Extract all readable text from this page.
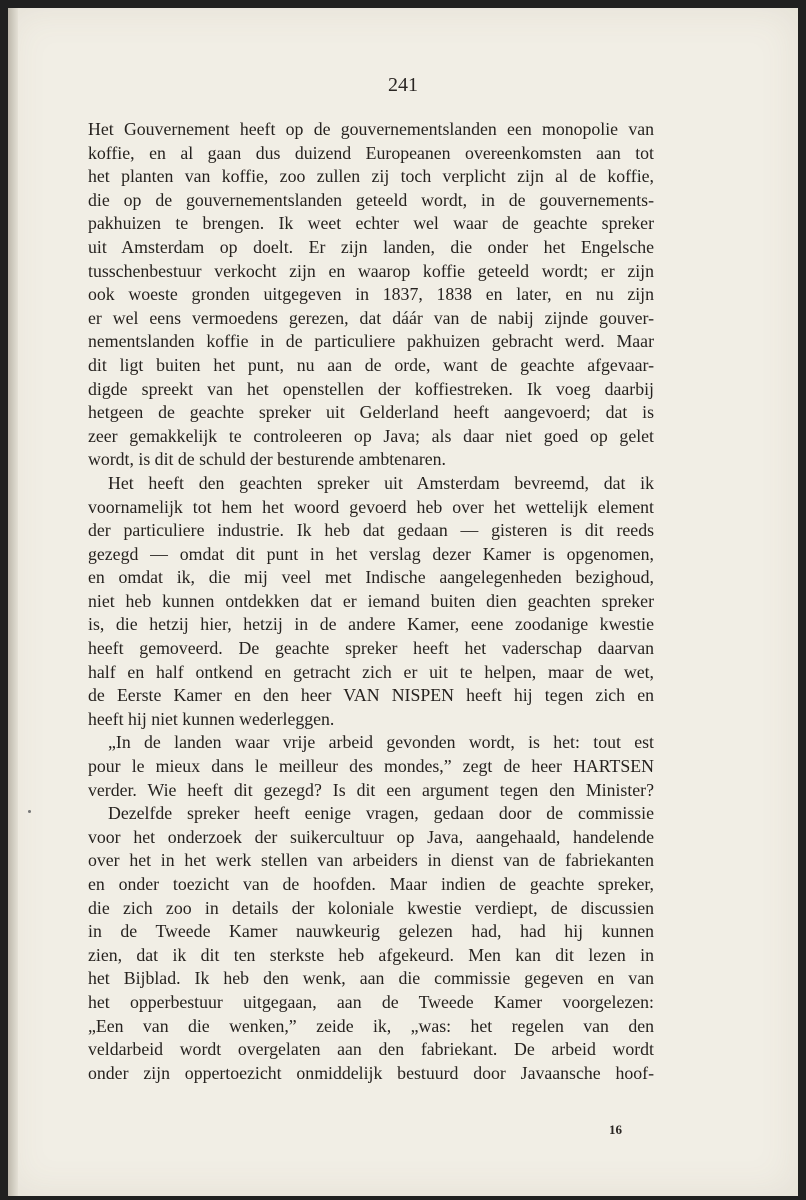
241
Het Gouvernement heeft op de gouvernementslanden een monopolie van
koffie, en al gaan dus duizend Europeanen overeenkomsten aan tot
het planten van koffie, zoo zullen zij toch verplicht zijn al de koffie,
die op de gouvernementslanden geteeld wordt, in de gouvernements-
pakhuizen te brengen. Ik weet echter wel waar de geachte spreker
uit Amsterdam op doelt. Er zijn landen, die onder het Engelsche
tusschenbestuur verkocht zijn en waarop koffie geteeld wordt; er zijn
ook woeste gronden uitgegeven in 1837, 1838 en later, en nu zijn
er wel eens vermoedens gerezen, dat dáár van de nabij zijnde gouver-
nementslanden koffie in de particuliere pakhuizen gebracht werd. Maar
dit ligt buiten het punt, nu aan de orde, want de geachte afgevaar-
digde spreekt van het openstellen der koffiestreken. Ik voeg daarbij
hetgeen de geachte spreker uit Gelderland heeft aangevoerd; dat is
zeer gemakkelijk te controleeren op Java; als daar niet goed op gelet
wordt, is dit de schuld der besturende ambtenaren.
Het heeft den geachten spreker uit Amsterdam bevreemd, dat ik
voornamelijk tot hem het woord gevoerd heb over het wettelijk element
der particuliere industrie. Ik heb dat gedaan — gisteren is dit reeds
gezegd — omdat dit punt in het verslag dezer Kamer is opgenomen,
en omdat ik, die mij veel met Indische aangelegenheden bezighoud,
niet heb kunnen ontdekken dat er iemand buiten dien geachten spreker
is, die hetzij hier, hetzij in de andere Kamer, eene zoodanige kwestie
heeft gemoveerd. De geachte spreker heeft het vaderschap daarvan
half en half ontkend en getracht zich er uit te helpen, maar de wet,
de Eerste Kamer en den heer VAN NISPEN heeft hij tegen zich en
heeft hij niet kunnen wederleggen.
„In de landen waar vrije arbeid gevonden wordt, is het: tout est
pour le mieux dans le meilleur des mondes,” zegt de heer HARTSEN
verder. Wie heeft dit gezegd? Is dit een argument tegen den Minister?
Dezelfde spreker heeft eenige vragen, gedaan door de commissie
voor het onderzoek der suikercultuur op Java, aangehaald, handelende
over het in het werk stellen van arbeiders in dienst van de fabriekanten
en onder toezicht van de hoofden. Maar indien de geachte spreker,
die zich zoo in details der koloniale kwestie verdiept, de discussien
in de Tweede Kamer nauwkeurig gelezen had, had hij kunnen
zien, dat ik dit ten sterkste heb afgekeurd. Men kan dit lezen in
het Bijblad. Ik heb den wenk, aan die commissie gegeven en van
het opperbestuur uitgegaan, aan de Tweede Kamer voorgelezen:
„Een van die wenken,” zeide ik, „was: het regelen van den
veldarbeid wordt overgelaten aan den fabriekant. De arbeid wordt
onder zijn oppertoezicht onmiddelijk bestuurd door Javaansche hoof-
16
